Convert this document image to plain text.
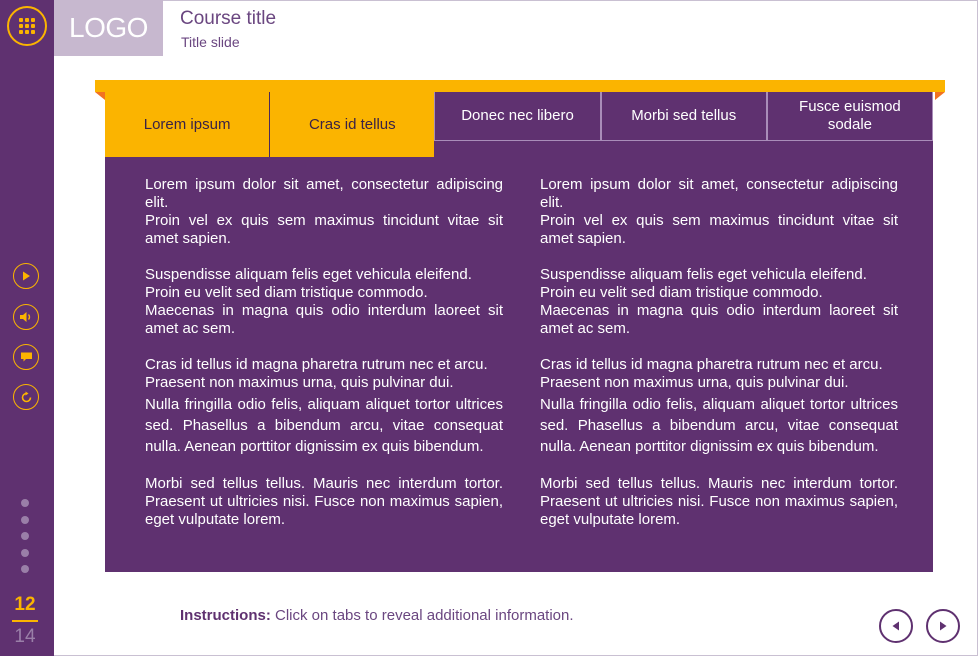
12
14
LOGO	Course title
Title slide
Lorem ipsum	Cras id tellus	Donec nec libero	Morbi sed tellus
Fusce euismod sodale

Lorem ipsum dolor sit amet, consectetur adipiscing elit.
Proin vel ex quis sem maximus tincidunt vitae sit amet sapien.

Suspendisse aliquam felis eget vehicula eleifend.
Proin eu velit sed diam tristique commodo.
Maecenas in magna quis odio interdum laoreet sit amet ac sem.

Cras id tellus id magna pharetra rutrum nec et arcu.
Praesent non maximus urna, quis pulvinar dui.

Nulla fringilla odio felis, aliquam aliquet tortor ultrices sed. Phasellus a bibendum arcu, vitae consequat nulla. Aenean porttitor dignissim ex quis bibendum.

Morbi sed tellus tellus. Mauris nec interdum tortor. Praesent ut ultricies nisi. Fusce non maximus sapien, eget vulputate lorem.

Lorem ipsum dolor sit amet, consectetur adipiscing elit.
Proin vel ex quis sem maximus tincidunt vitae sit amet sapien.

Suspendisse aliquam felis eget vehicula eleifend.
Proin eu velit sed diam tristique commodo.
Maecenas in magna quis odio interdum laoreet sit amet ac sem.

Cras id tellus id magna pharetra rutrum nec et arcu.
Praesent non maximus urna, quis pulvinar dui.

Nulla fringilla odio felis, aliquam aliquet tortor ultrices sed. Phasellus a bibendum arcu, vitae consequat nulla. Aenean porttitor dignissim ex quis bibendum.

Morbi sed tellus tellus. Mauris nec interdum tortor. Praesent ut ultricies nisi. Fusce non maximus sapien, eget vulputate lorem.

Instructions: Click on tabs to reveal additional information.
